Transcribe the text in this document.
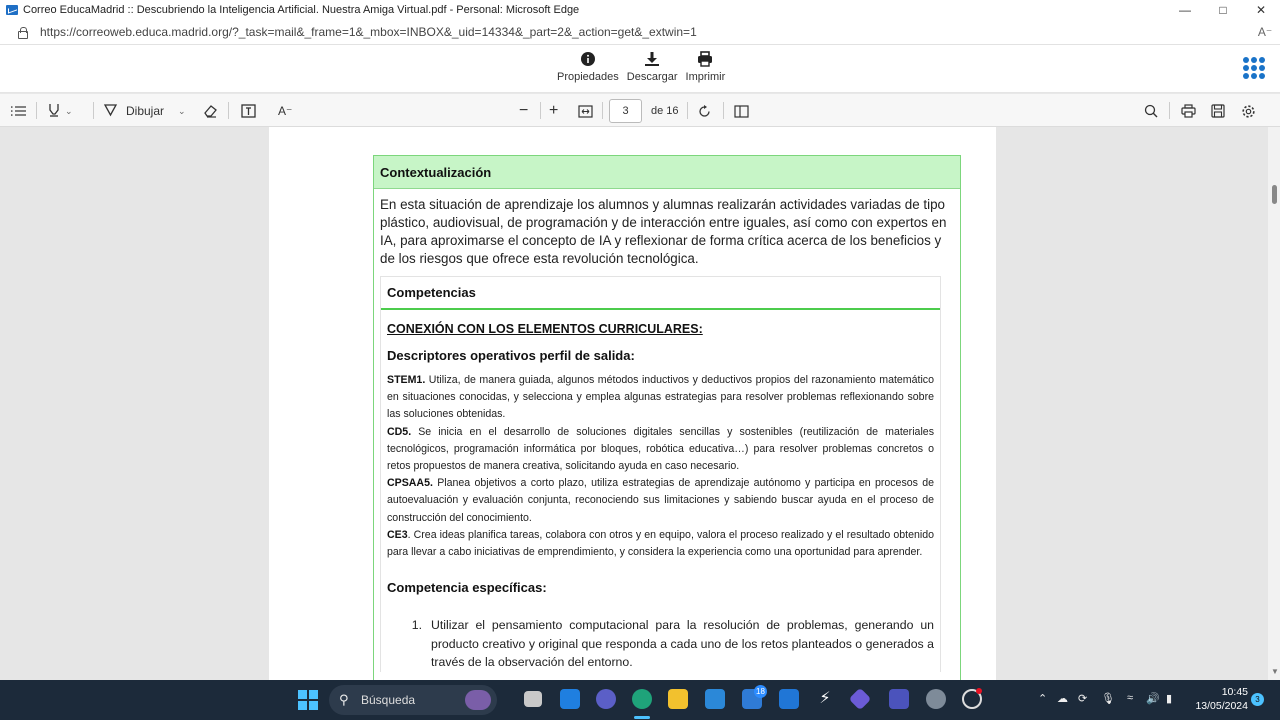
Correo EducaMadrid :: Descubriendo la Inteligencia Artificial. Nuestra Amiga Virtual.pdf - Personal: Microsoft Edge	—	□	✕
https://correoweb.educa.madrid.org/?_task=mail&_frame=1&_mbox=INBOX&_uid=14334&_part=2&_action=get&_extwin=1	A⁻
Propiedades Descargar Imprimir
⌄	Dibujar ⌄	A⁻	− +	3	de 16
Contextualización
En esta situación de aprendizaje los alumnos y alumnas realizarán actividades variadas de tipo plástico, audiovisual, de programación y de interacción entre iguales, así como con expertos en IA, para aproximarse el concepto de IA y reflexionar de forma crítica acerca de los beneficios y de los riesgos que ofrece esta revolución tecnológica.
Competencias
CONEXIÓN CON LOS ELEMENTOS CURRICULARES:
Descriptores operativos perfil de salida:
STEM1. Utiliza, de manera guiada, algunos métodos inductivos y deductivos propios del razonamiento matemático en situaciones conocidas, y selecciona y emplea algunas estrategias para resolver problemas reflexionando sobre las soluciones obtenidas.
CD5. Se inicia en el desarrollo de soluciones digitales sencillas y sostenibles (reutilización de materiales tecnológicos, programación informática por bloques, robótica educativa…) para resolver problemas concretos o retos propuestos de manera creativa, solicitando ayuda en caso necesario.
CPSAA5. Planea objetivos a corto plazo, utiliza estrategias de aprendizaje autónomo y participa en procesos de autoevaluación y evaluación conjunta, reconociendo sus limitaciones y sabiendo buscar ayuda en el proceso de construcción del conocimiento.
CE3. Crea ideas planifica tareas, colabora con otros y en equipo, valora el proceso realizado y el resultado obtenido para llevar a cabo iniciativas de emprendimiento, y considera la experiencia como una oportunidad para aprender.
Competencia específicas:
1. Utilizar el pensamiento computacional para la resolución de problemas, generando un producto creativo y original que responda a cada uno de los retos planteados o generados a través de la observación del entorno.
▼
⚲	Búsqueda
18	⚡	⌃ ☁ ⟳ 🎙 ≈ 🔊 ▮
10:45
13/05/2024
3
